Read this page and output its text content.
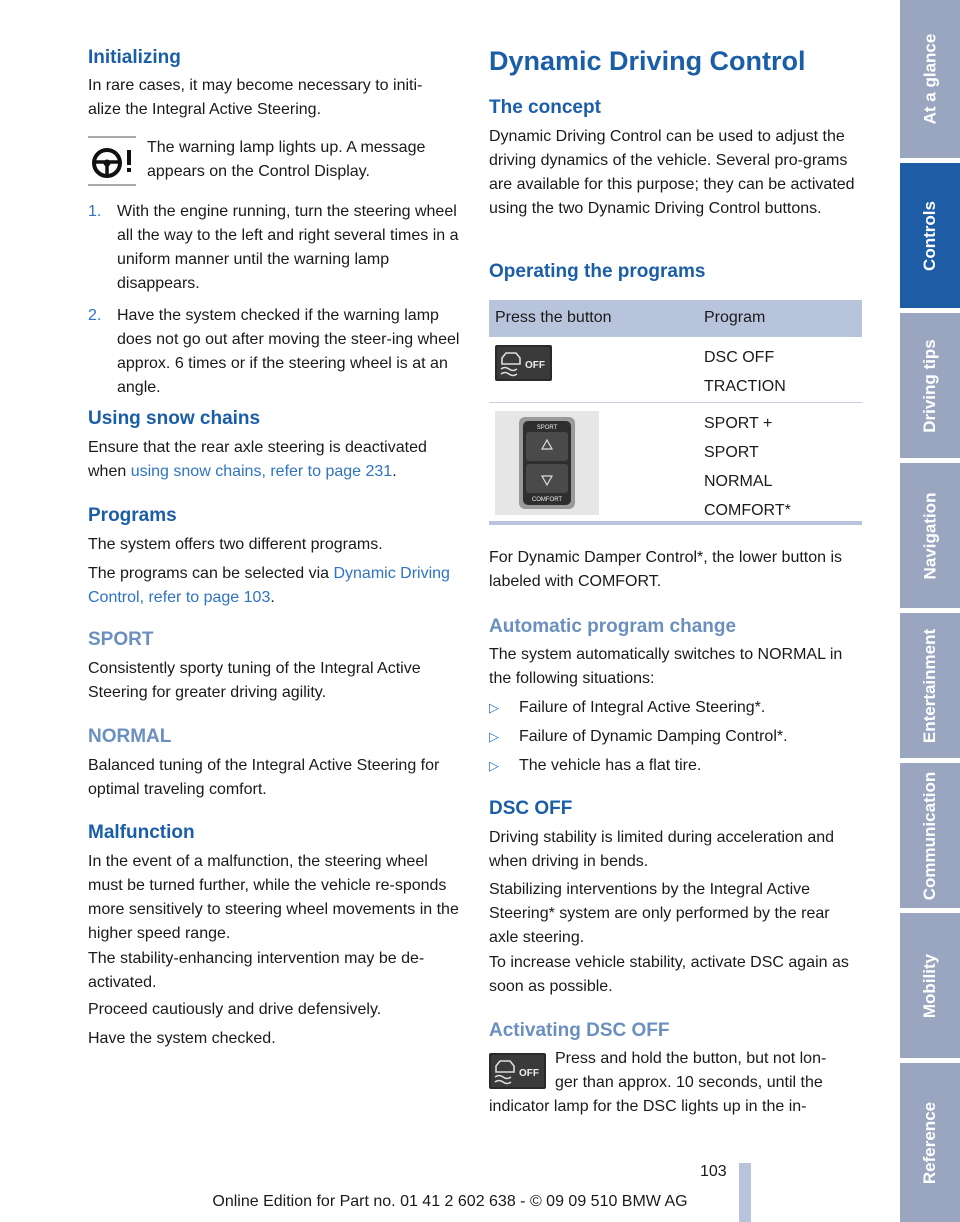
Initializing
In rare cases, it may become necessary to initi-
alize the Integral Active Steering.
The warning lamp lights up. A message appears on the Control Display.
1. With the engine running, turn the steering wheel all the way to the left and right several times in a uniform manner until the warning lamp disappears.
2. Have the system checked if the warning lamp does not go out after moving the steer-ing wheel approx. 6 times or if the steering wheel is at an angle.
Using snow chains
Ensure that the rear axle steering is deactivated when using snow chains, refer to page 231.
Programs
The system offers two different programs.
The programs can be selected via Dynamic Driving Control, refer to page 103.
SPORT
Consistently sporty tuning of the Integral Active Steering for greater driving agility.
NORMAL
Balanced tuning of the Integral Active Steering for optimal traveling comfort.
Malfunction
In the event of a malfunction, the steering wheel must be turned further, while the vehicle re-sponds more sensitively to steering wheel movements in the higher speed range.
The stability-enhancing intervention may be de-activated.
Proceed cautiously and drive defensively.
Have the system checked.
Dynamic Driving Control
The concept
Dynamic Driving Control can be used to adjust the driving dynamics of the vehicle. Several pro-grams are available for this purpose; they can be activated using the two Dynamic Driving Control buttons.
Operating the programs
Press the button	Program
OFF	DSC OFF
TRACTION
SPORT
COMFORT
SPORT +
SPORT
NORMAL
COMFORT*
For Dynamic Damper Control*, the lower button is labeled with COMFORT.
Automatic program change
The system automatically switches to NORMAL in the following situations:
▷ Failure of Integral Active Steering*.
▷ Failure of Dynamic Damping Control*.
▷ The vehicle has a flat tire.
DSC OFF
Driving stability is limited during acceleration and when driving in bends.
Stabilizing interventions by the Integral Active Steering* system are only performed by the rear axle steering.
To increase vehicle stability, activate DSC again as soon as possible.
Activating DSC OFF
OFF
Press and hold the button, but not lon-
ger than approx. 10 seconds, until the
indicator lamp for the DSC lights up in the in-
103
Online Edition for Part no. 01 41 2 602 638 - © 09 09 510 BMW AG
At a glance
Controls
Driving tips
Navigation
Entertainment
Communication
Mobility
Reference
